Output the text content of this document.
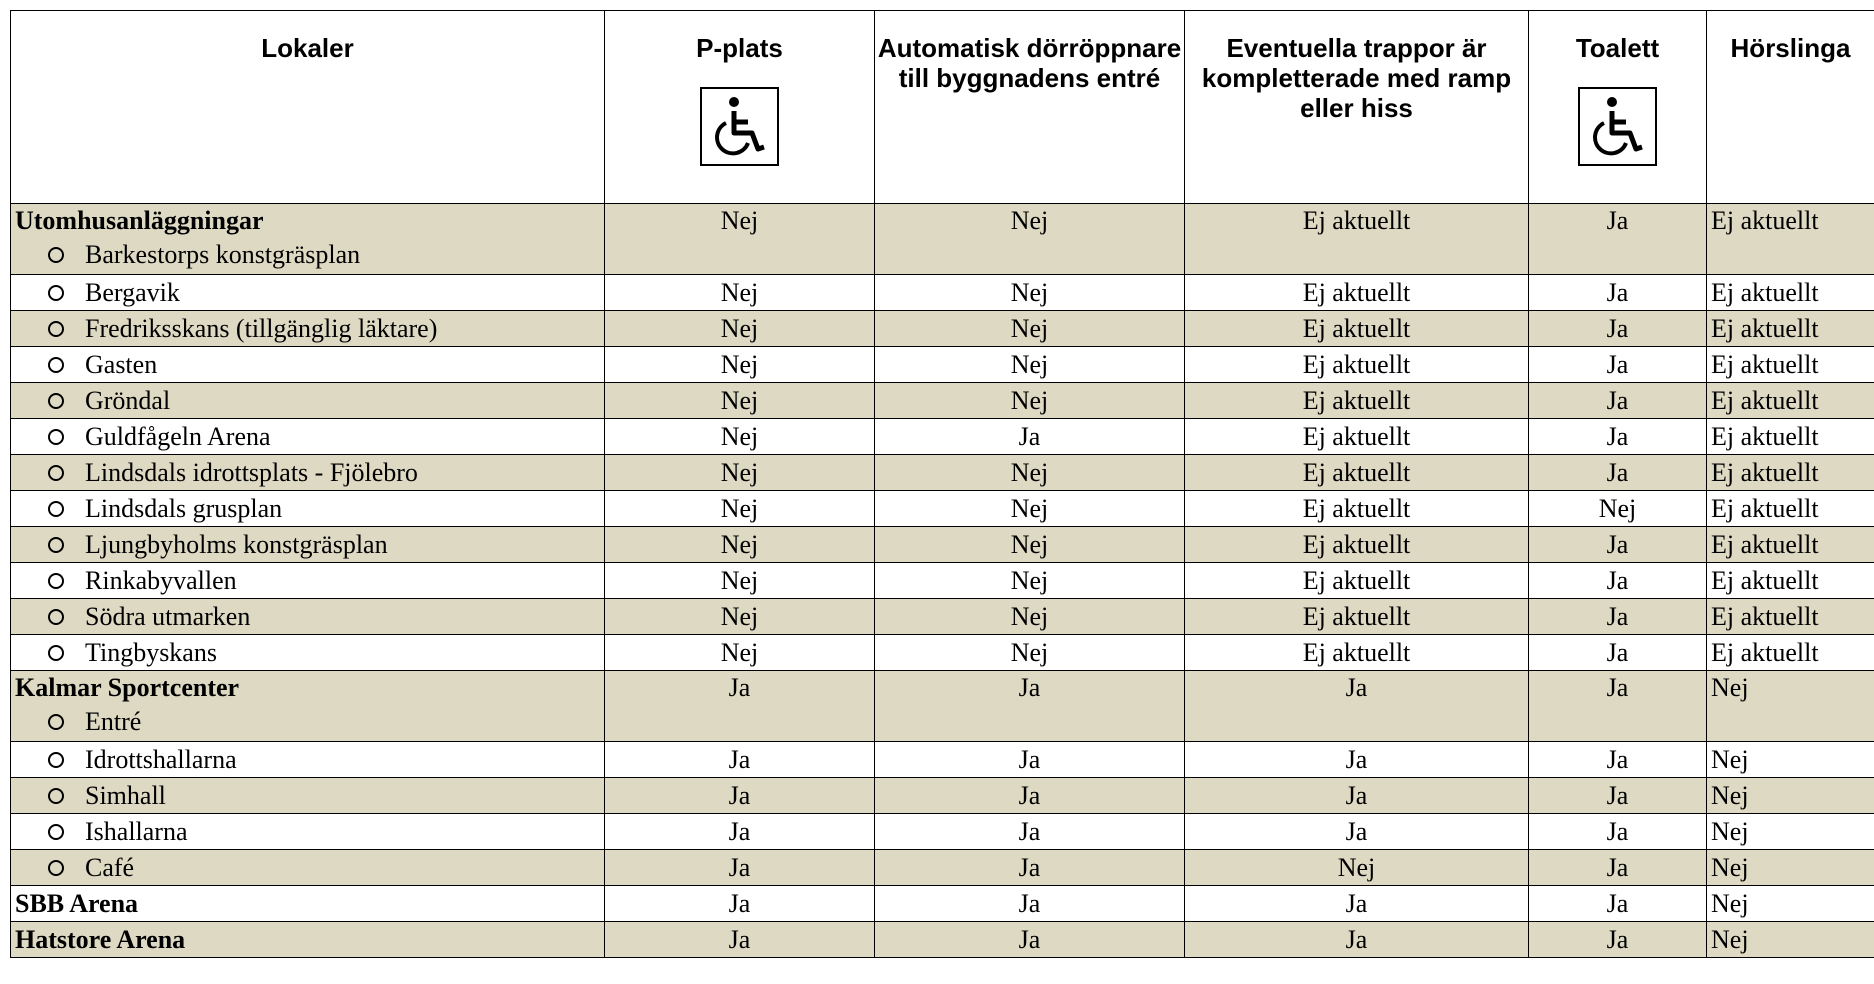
Lokaler	P-plats	Automatisk dörröppnare till byggnadens entré	Eventuella trappor är kompletterade med ramp eller hiss	Toalett	Hörslinga

Utomhusanläggningar
Barkestorps konstgräsplan	Nej	Nej	Ej aktuellt	Ja	Ej aktuellt

Bergavik	Nej	Nej	Ej aktuellt	Ja	Ej aktuellt

Fredriksskans (tillgänglig läktare)	Nej	Nej	Ej aktuellt	Ja	Ej aktuellt

Gasten	Nej	Nej	Ej aktuellt	Ja	Ej aktuellt

Gröndal	Nej	Nej	Ej aktuellt	Ja	Ej aktuellt

Guldfågeln Arena	Nej	Ja	Ej aktuellt	Ja	Ej aktuellt

Lindsdals idrottsplats - Fjölebro	Nej	Nej	Ej aktuellt	Ja	Ej aktuellt

Lindsdals grusplan	Nej	Nej	Ej aktuellt	Nej	Ej aktuellt

Ljungbyholms konstgräsplan	Nej	Nej	Ej aktuellt	Ja	Ej aktuellt

Rinkabyvallen	Nej	Nej	Ej aktuellt	Ja	Ej aktuellt

Södra utmarken	Nej	Nej	Ej aktuellt	Ja	Ej aktuellt

Tingbyskans	Nej	Nej	Ej aktuellt	Ja	Ej aktuellt

Kalmar Sportcenter
Entré	Ja	Ja	Ja	Ja	Nej

Idrottshallarna	Ja	Ja	Ja	Ja	Nej

Simhall	Ja	Ja	Ja	Ja	Nej

Ishallarna	Ja	Ja	Ja	Ja	Nej

Café	Ja	Ja	Nej	Ja	Nej

SBB Arena	Ja	Ja	Ja	Ja	Nej

Hatstore Arena	Ja	Ja	Ja	Ja	Nej
